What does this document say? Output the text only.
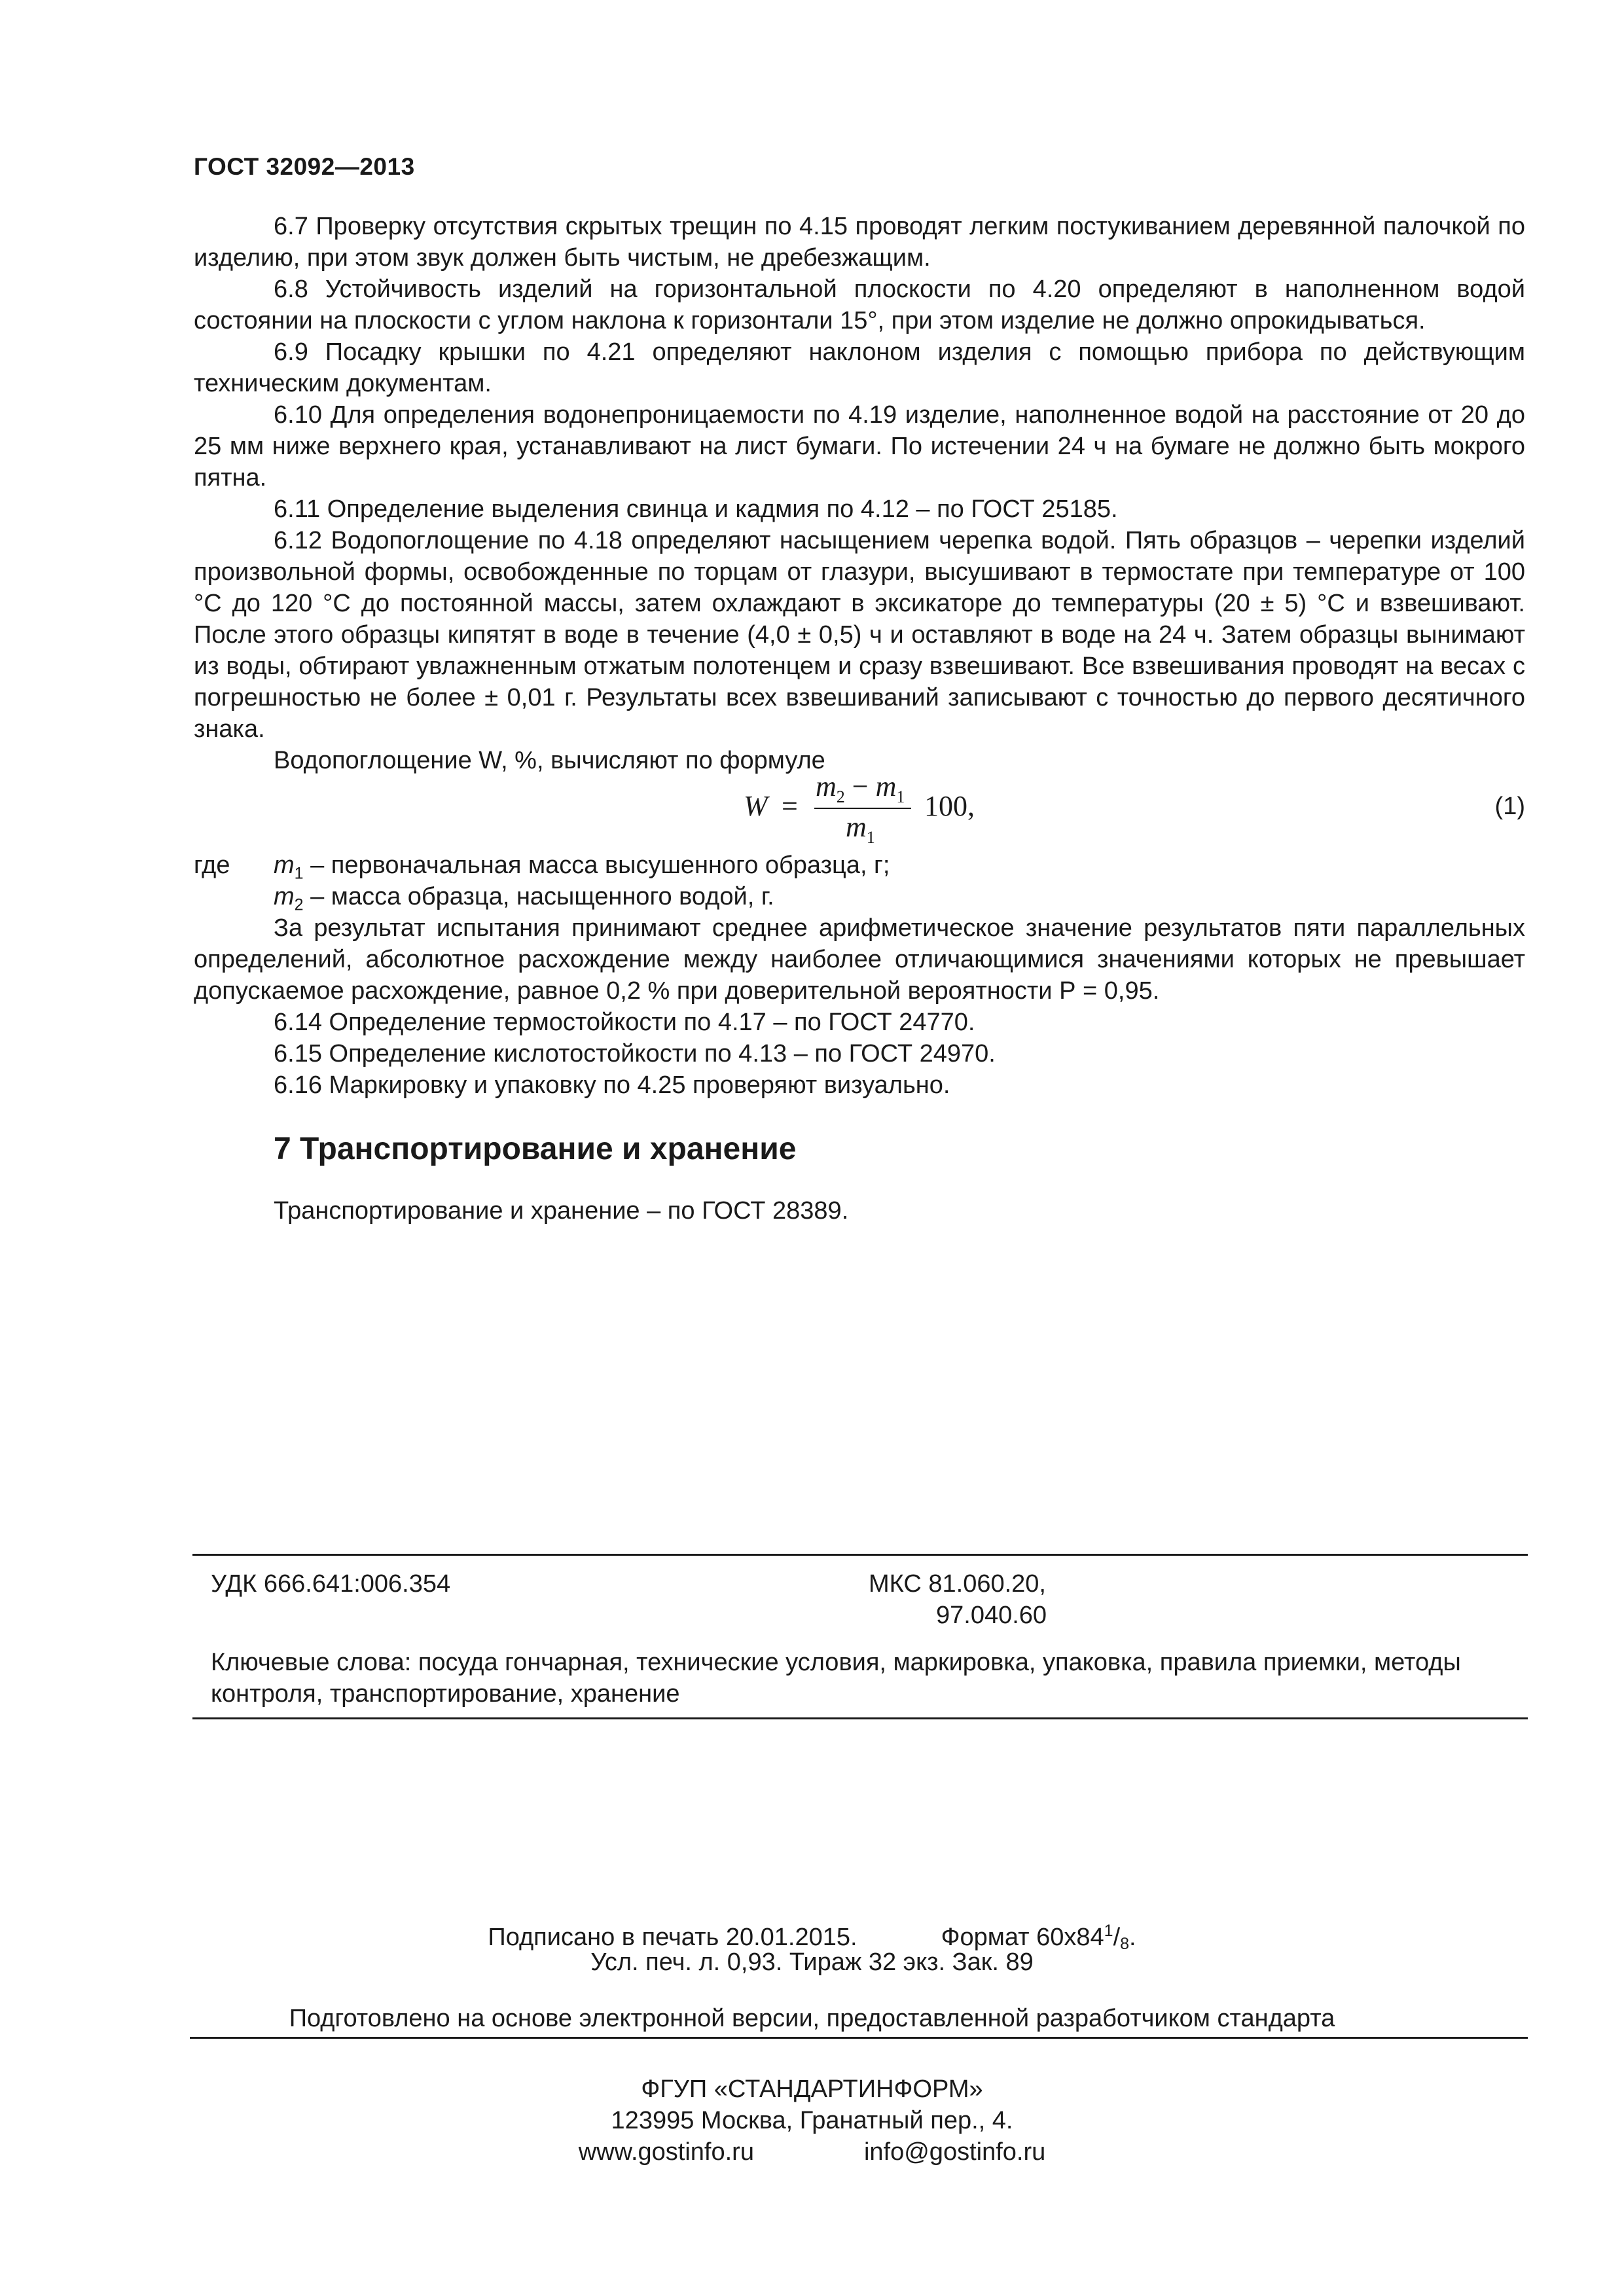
ГОСТ 32092—2013

6.7 Проверку отсутствия скрытых трещин по 4.15 проводят легким постукиванием деревянной палочкой по изделию, при этом звук должен быть чистым, не дребезжащим.

6.8 Устойчивость изделий на горизонтальной плоскости по 4.20 определяют в наполненном водой состоянии на плоскости с углом наклона к горизонтали 15°, при этом изделие не должно опрокидываться.

6.9 Посадку крышки по 4.21 определяют наклоном изделия с помощью прибора по действующим техническим документам.

6.10 Для определения водонепроницаемости по 4.19 изделие, наполненное водой на расстояние от 20 до 25 мм ниже верхнего края, устанавливают на лист бумаги. По истечении 24 ч на бумаге не должно быть мокрого пятна.

6.11 Определение выделения свинца и кадмия по 4.12 – по ГОСТ 25185.

6.12 Водопоглощение по 4.18 определяют насыщением черепка водой. Пять образцов – черепки изделий произвольной формы, освобожденные по торцам от глазури, высушивают в термостате при температуре от 100 °С до 120 °С до постоянной массы, затем охлаждают в эксикаторе до температуры (20 ± 5) °С и взвешивают. После этого образцы кипятят в воде в течение (4,0 ± 0,5) ч и оставляют в воде на 24 ч. Затем образцы вынимают из воды, обтирают увлажненным отжатым полотенцем и сразу взвешивают. Все взвешивания проводят на весах с погрешностью не более ± 0,01 г. Результаты всех взвешиваний записывают с точностью до первого десятичного знака.

Водопоглощение W, %, вычисляют по формуле

W =
$m_2 - m_1$
$m_1$
100,	(1)
где $m_1$ – первоначальная масса высушенного образца, г;
$m_2$ – масса образца, насыщенного водой, г.

За результат испытания принимают среднее арифметическое значение результатов пяти параллельных определений, абсолютное расхождение между наиболее отличающимися значениями которых не превышает допускаемое расхождение, равное 0,2 % при доверительной вероятности Р = 0,95.

6.14 Определение термостойкости по 4.17 – по ГОСТ 24770.

6.15 Определение кислотостойкости по 4.13 – по ГОСТ 24970.

6.16 Маркировку и упаковку по 4.25 проверяют визуально.

7 Транспортирование и хранение
Транспортирование и хранение – по ГОСТ 28389.
УДК 666.641:006.354	МКС 81.060.20,
97.040.60
Ключевые слова: посуда гончарная, технические условия, маркировка, упаковка, правила приемки, методы контроля, транспортирование, хранение
Подписано в печать 20.01.2015.	Формат $60x84^1/8$.
Усл. печ. л. 0,93. Тираж 32 экз. Зак. 89
Подготовлено на основе электронной версии, предоставленной разработчиком стандарта
ФГУП «СТАНДАРТИНФОРМ»
123995 Москва, Гранатный пер., 4.
www.gostinfo.ru	info@gostinfo.ru
